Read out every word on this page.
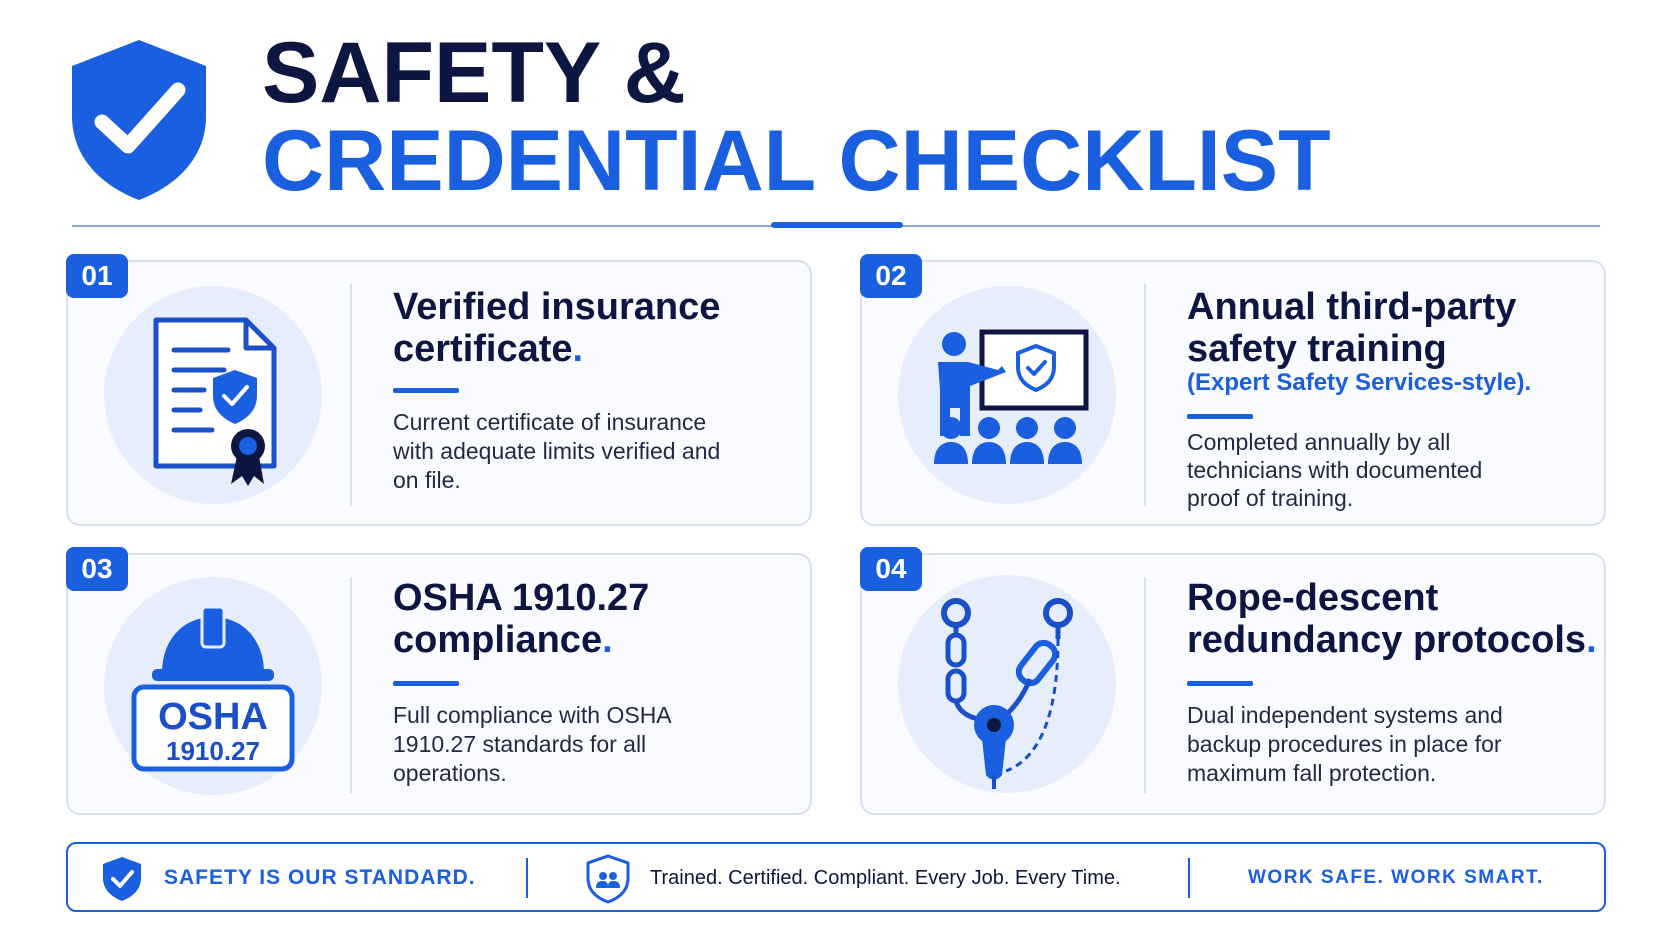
SAFETY &
CREDENTIAL CHECKLIST
01
Verified insurance certificate.
Current certificate of insurance with adequate limits verified and on file.
02
Annual third-party safety training
(Expert Safety Services-style).
Completed annually by all technicians with documented proof of training.
03
OSHA
1910.27
OSHA 1910.27 compliance.
Full compliance with OSHA 1910.27 standards for all operations.
04
Rope-descent redundancy protocols.
Dual independent systems and backup procedures in place for maximum fall protection.
SAFETY IS OUR STANDARD.	Trained. Certified. Compliant. Every Job. Every Time.	WORK SAFE. WORK SMART.
